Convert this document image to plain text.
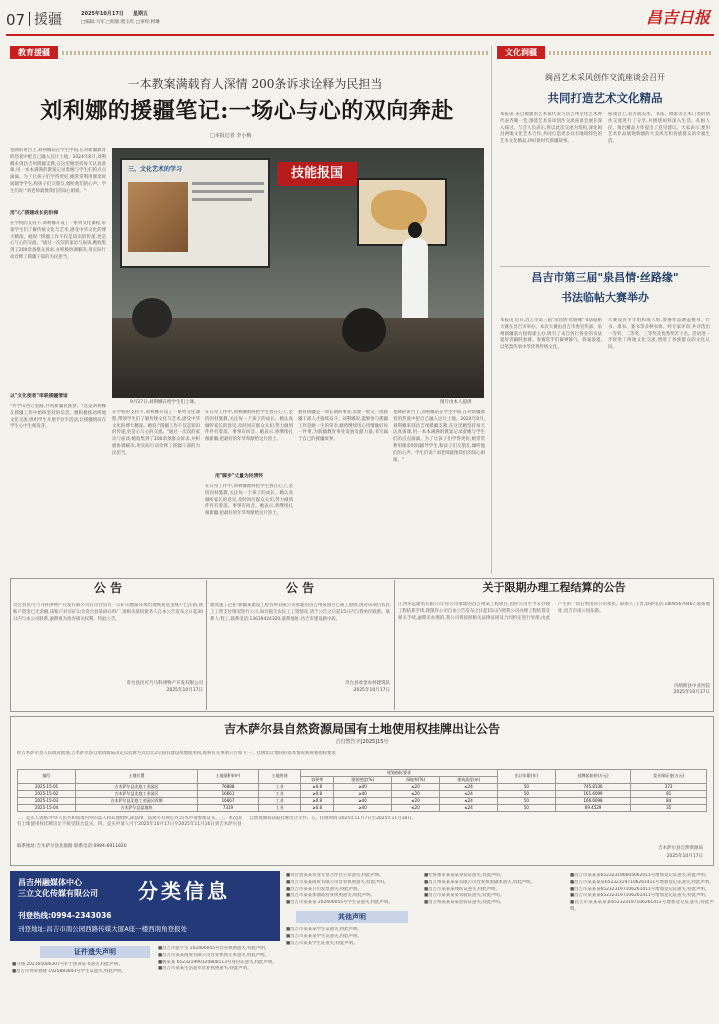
07 援疆	2025年10月17日 星期五
□编辑:马军 □组版:程玉红 □审校:阿琳	昌吉日报
教育援疆
一本教案满载育人深情 200条诉求诠释为民担当
刘利娜的援疆笔记:一场心与心的双向奔赴
□本报记者 李小梅
宽阔的讲台上,刘利娜站在学生中间,在对新疆教育的热爱中把自己融入这片土地。2024年8月,刘利娜来到昌吉州援疆支教,在这里她坚持每天认真备课,用一本本满满的教案记录着她与学生们的点点滴滴。为了让孩子们学得更好,她常常利用课余时间辅导学生,和孩子们交朋友,倾听他们的心声。学生们说:"刘老师就像我们的知心姐姐。"
用"心"搭建成长的阶梯
在学校的支持下,刘利娜开设了一系列文化课程,带领学生们了解传统文化与艺术,感受中华文化的博大精深。她说:"援疆工作不仅是知识的传递,更是心与心的交流。"通过一次次的家访与座谈,她收集到了200余条群众诉求,并积极协调解决,用实际行动诠释了援疆干部的为民担当。
以"文化使者"串联援疆情谊
"共学山西万里路,共筑新疆民族梦。"这是刘利娜在援疆工作中始终坚持的信念。她积极推动两地文化交流,组织学生开展手拉手活动,让援疆情谊在学生心中生根发芽。
三、文化艺术的学习	技能报国
9月27日,刘利娜在给学生们上课。	图片由本人提供
在学校的支持下,刘利娜开设了一系列文化课程,带领学生们了解传统文化与艺术,感受中华文化的博大精深。她说:"援疆工作不仅是知识的传递,更是心与心的交流。"通过一次次的家访与座谈,她收集到了200余条群众诉求,并积极协调解决,用实际行动诠释了援疆干部的为民担当。
在日常工作中,刘利娜始终把学生放在心上,坚持因材施教,关注每一个孩子的成长。她认真倾听家长的意见,及时回应群众关切,努力做到件件有着落、事事有回音。她表示,将继续扎根新疆,把最好的年华奉献给这片热土。
用"脚步"丈量为民情怀
在日常工作中,刘利娜始终把学生放在心上,坚持因材施教,关注每一个孩子的成长。她认真倾听家长的意见,及时回应群众关切,努力做到件件有着落、事事有回音。她表示,将继续扎根新疆,把最好的年华奉献给这片热土。
教育援疆是一项长期的事业,需要一批又一批援疆干部人才接续奋斗。刘利娜说,能够参与援疆工作是她一生的荣幸,她将继续用心用情做好每一件事,为新疆教育事业发展贡献力量,书写属于自己的援疆故事。
宽阔的讲台上,刘利娜站在学生中间,在对新疆教育的热爱中把自己融入这片土地。2024年8月,刘利娜来到昌吉州援疆支教,在这里她坚持每天认真备课,用一本本满满的教案记录着她与学生们的点点滴滴。为了让孩子们学得更好,她常常利用课余时间辅导学生,和孩子们交朋友,倾听他们的心声。学生们说:"刘老师就像我们的知心姐姐。"
文化润疆
闽昌艺术采风创作交流座谈会召开
共同打造艺术文化精品
本报讯 来自福建的艺术家代表与昌吉州文化艺术界代表齐聚一堂,围绕艺术采风创作交流座谈会展开深入探讨。与会人员表示,将以此次交流为契机,深化闽昌两地文化艺术合作,共同打造更多具有地域特色的艺术文化精品,讲好新时代新疆故事。
座谈会上,双方就美术、书法、摄影等艺术门类的创作交流进行了分享,并围绕如何深入生活、扎根人民、推出精品力作提出了意见建议。大家表示,要用艺术作品展现新疆的大美风光和各族群众的幸福生活。
昌吉市第三届"泉昌情·丝路缘"
书法临帖大赛举办
本报讯 近日,昌吉市第三届"泉昌情·丝路缘"书法临帖大赛在昌吉市举办。本次大赛由昌吉市委宣传部、泉州援疆前方指挥部主办,吸引了来自各行各业的书法爱好者踊跃参赛。参赛选手们凝神静气、挥毫泼墨,以笔墨传承中华优秀传统文化。
大赛设青少年组和成人组,参赛作品涵盖楷书、行书、隶书、篆书等多种书体。经专家评审,共评选出一等奖、二等奖、三等奖及优秀奖若干名。活动进一步促进了两地文化交流,增进了各族群众的文化认同。
公 告
奇台县民可乃马科津物产开发有限公司在奇台县有一宗矿山地质环境治理恢复基金账户已注销,现账户资金已无余额,该账户对应矿山为奇台县某砂石料厂,请相关债权债务人自本公告发布之日起30日内与本公司联系,逾期视为放弃相关权利。特此公告。
奇台县民可乃马科津物产开发有限公司
2025年10月17日
公 告
建筑施工企业:新疆某建设工程咨询有限公司承建的昌吉州某项目已竣工验收,现对该项目农民工工资支付情况进行公示,如有拖欠农民工工资情况,请于公告之日起15日内与我单位联系。联系人:程工,联系电话:13639424320,联系地址:昌吉市建设路中段。
奇台县欢金农村建筑队
2025年10月17日
关于限期办理工程结算的公告
江西华远建筑有限公司:你公司承建的昌吉州某工程项目,因你公司至今未办理工程结算手续,现限你公司自本公告发布之日起15日内到我公司办理工程结算及相关手续,逾期未办理的,我公司将按照相关法律法规及合同约定进行处理,由此产生的一切后果由你公司承担。联系人:王晋,联系电话:18095670467,联系地址:昌吉市南公园东路。
玛纳斯县中业医院
2025年10月17日
吉木萨尔县自然资源局国有土地使用权挂牌出让公告
吉自然告字[2025]15号
经吉木萨尔县人民政府批准,吉木萨尔县自然资源局决定以挂牌方式出让2宗国有建设用地使用权,现将有关事项公告如下:一、挂牌出让地块的基本情况和规划指标要求
编号	土地位置	土地面积(m²)	土地用途	规划指标要求				出让年限(年)	挂牌起始价(万元)	竞买保证金(万元)
				容积率	建筑密度(%)	绿地率(%)	建筑高度(m)			
2025-15-01	吉木萨尔县北庭工业园区	76888	工业	≥0.8	≥40	≤20	≤24	50	745.8136	373
2025-15-02	吉木萨尔县北庭工业园区	16661	工业	≥0.8	≥40	≤20	≤24	50	161.6099	81
2025-15-03	吉木萨尔县北庭工业园区四期	16667	工业	≥0.8	≥40	≤20	≤24	50	166.6698	84
2025-15-04	吉木萨尔县某地块	7319	工业	≥0.8	≥40	≤20	≤24	50	69.4529	35
二、竞买人资格:中华人民共和国境内外的法人和其他组织,除法律、法规另有规定外,均可申请参加竞买。三、本次国有土地使用权挂牌出让不接受联合竞买。四、竞买申请人可于2025年10月17日至2025年11月16日到吉木萨尔县自然资源局获取挂牌出让文件。五、挂牌时间:2025年11月7日至2025年11月18日。
联系地址:吉木萨尔县北庭路 联系电话:0994-6911820
吉木萨尔县自然资源局
2025年10月17日
昌吉州融媒体中心
三立文化传媒有限公司 分类信息
刊登热线:0994-2343036
刊登地址:昌吉市南公园西路传媒大厦A座一楼西南角登报处
证件遗失声明
■马翔 202165000307号护士执业证书遗失,特此声明。
■昌吉市何荣智晓 1925883843号学生证遗失,特此声明。
■昌吉市张宇生 202406055号营业执照遗失,特此声明。
■昌吉市某某商贸有限公司营业执照正本遗失,特此声明。
■杨某某 652321990120808113号身份证遗失,特此声明。
■昌吉市某某生活超市营业执照遗失,特此声明。
■奇台县某某农业专业合作社公章遗失,特此声明。
■昌吉市某某商贸有限公司营业执照遗失,特此声明。
■昌吉市某某公司发票遗失,特此声明。
■昌吉市某某加油站营业执照遗失,特此声明。
■昌吉市某某某 202406055号学生证遗失,特此声明。
其他声明
■昌吉市某某某学生证遗失,特此声明。
■昌吉市某某某学生证遗失,特此声明。
■昌吉市某某学生证遗失,特此声明。
■吐鲁番市某某某身份证遗失,特此声明。
■昌吉州某某某某有限公司营业执照副本遗失,特此声明。
■昌吉市某某某残疾证遗失,特此声明。
■昌吉市某某某某驾驶证遗失,特此声明。
■昌吉州某某某某退役证遗失,特此声明。
■昌吉市某某某652323196605062011号增加登记证遗失,特此声明。
■昌吉市某某某某652323197106261411号增加登记证遗失,特此声明。
■昌吉市某某某652323197106261411号增加登记证遗失,特此声明。
■昌吉市某某某652323197106261411号增加登记证遗失,特此声明。
■昌吉市某某某某某652323197106261411号增加登记证遗失,特此声明。
